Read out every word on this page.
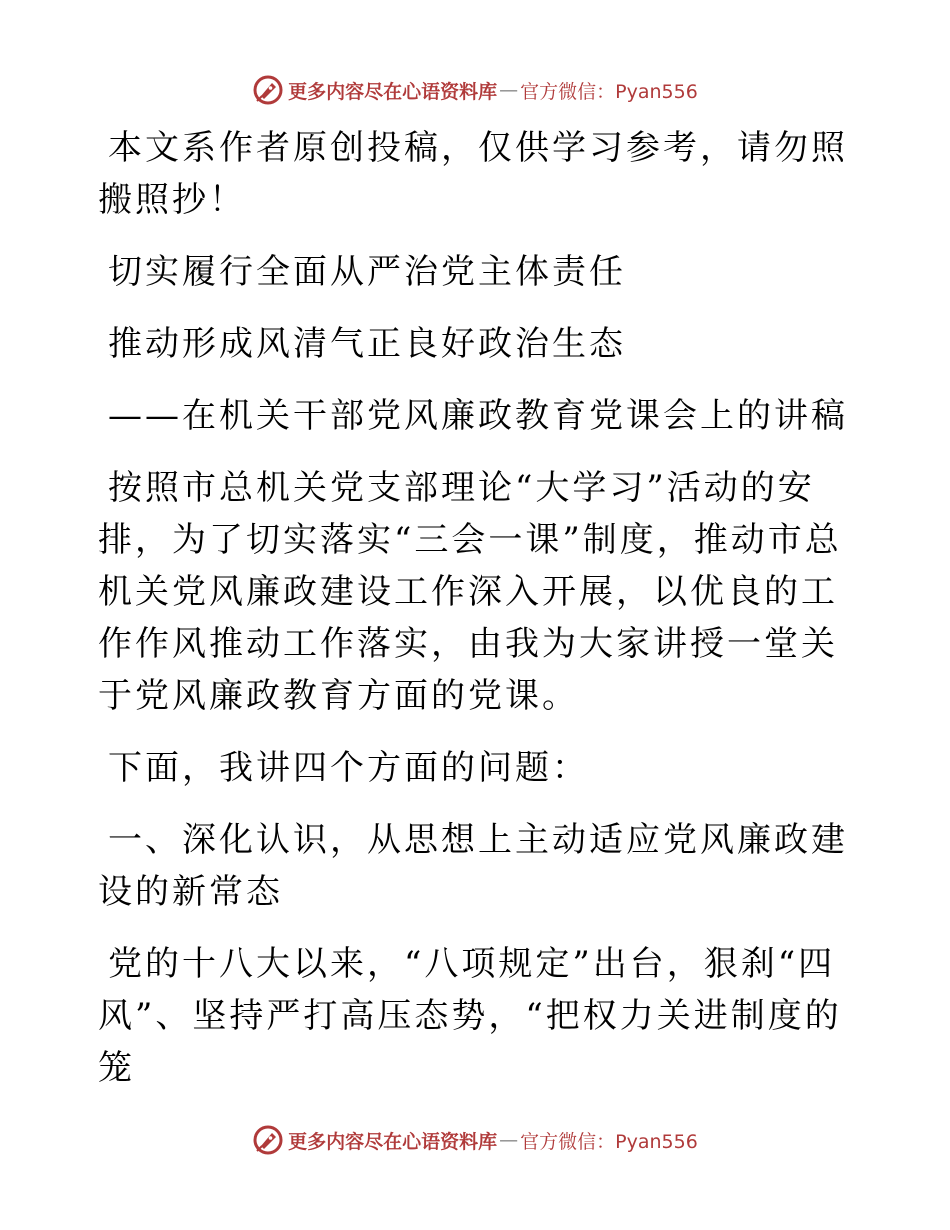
更多内容尽在心语资料库 — 官方微信：Pyan556

本文系作者原创投稿，仅供学习参考，请勿照搬照抄！

切实履行全面从严治党主体责任

推动形成风清气正良好政治生态

——在机关干部党风廉政教育党课会上的讲稿

按照市总机关党支部理论“大学习”活动的安排，为了切实落实“三会一课”制度，推动市总机关党风廉政建设工作深入开展，以优良的工作作风推动工作落实，由我为大家讲授一堂关于党风廉政教育方面的党课。

下面，我讲四个方面的问题：

一、深化认识，从思想上主动适应党风廉政建设的新常态

党的十八大以来，“八项规定”出台，狠刹“四风”、坚持严打高压态势，“把权力关进制度的笼

更多内容尽在心语资料库 — 官方微信：Pyan556
